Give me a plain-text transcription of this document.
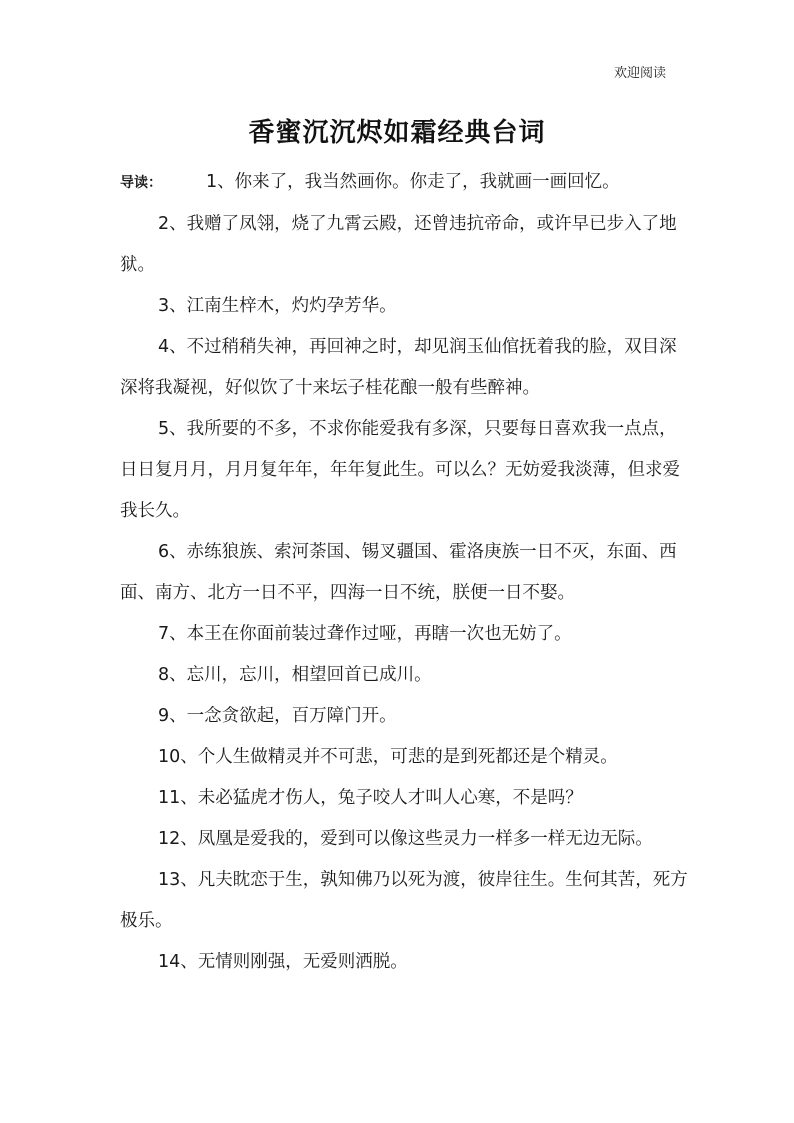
欢迎阅读
香蜜沉沉烬如霜经典台词

导读：	1、你来了，我当然画你。你走了，我就画一画回忆。

2、我赠了凤翎，烧了九霄云殿，还曾违抗帝命，或许早已步入了地狱。

3、江南生梓木，灼灼孕芳华。

4、不过稍稍失神，再回神之时，却见润玉仙倌抚着我的脸，双目深深将我凝视，好似饮了十来坛子桂花酿一般有些醉神。

5、我所要的不多，不求你能爱我有多深，只要每日喜欢我一点点，日日复月月，月月复年年，年年复此生。可以么？无妨爱我淡薄，但求爱我长久。

6、赤练狼族、索河荼国、锡叉疆国、霍洛庚族一日不灭，东面、西面、南方、北方一日不平，四海一日不统，朕便一日不娶。

7、本王在你面前装过聋作过哑，再瞎一次也无妨了。

8、忘川，忘川，相望回首已成川。

9、一念贪欲起，百万障门开。

10、个人生做精灵并不可悲，可悲的是到死都还是个精灵。

11、未必猛虎才伤人，兔子咬人才叫人心寒，不是吗？

12、凤凰是爱我的，爱到可以像这些灵力一样多一样无边无际。

13、凡夫眈恋于生，孰知佛乃以死为渡，彼岸往生。生何其苦，死方极乐。

14、无情则刚强，无爱则洒脱。
